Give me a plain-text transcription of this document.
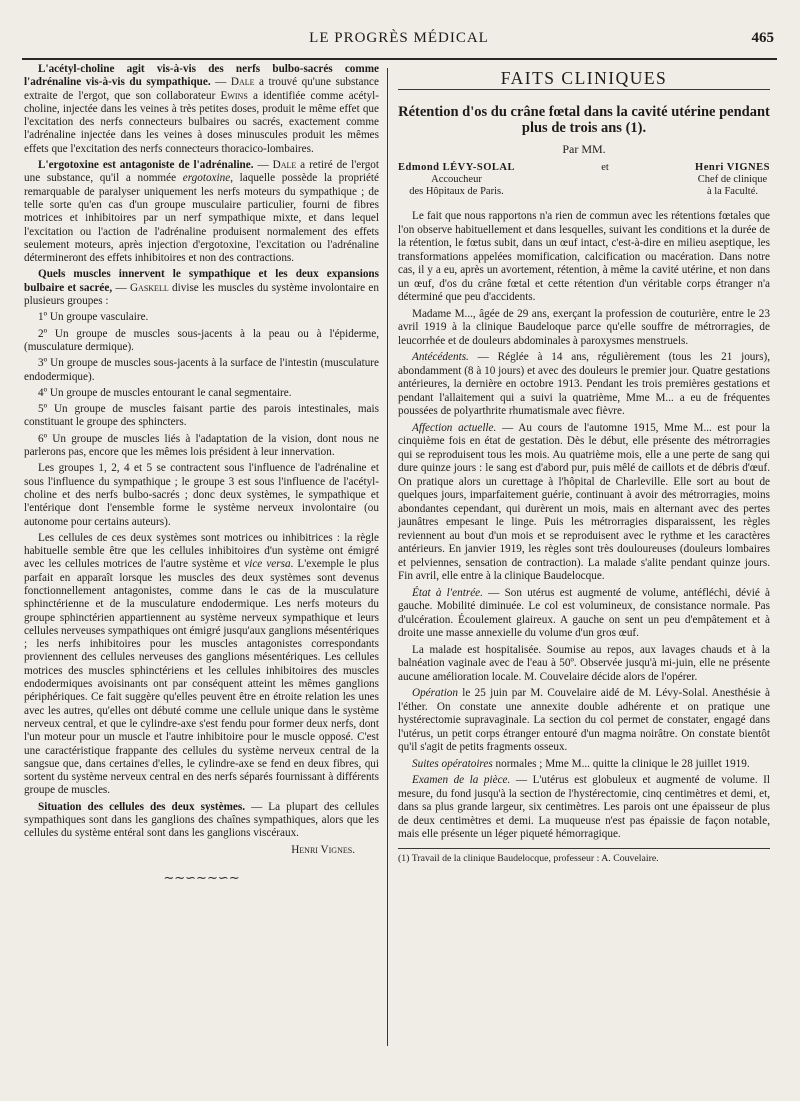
LE PROGRÈS MÉDICAL	465

L'acétyl-choline agit vis-à-vis des nerfs bulbo-sacrés comme l'adrénaline vis-à-vis du sympathique. — Dale a trouvé qu'une substance extraite de l'ergot, que son collaborateur Ewins a identifiée comme acétyl-choline, injectée dans les veines à très petites doses, produit le même effet que l'excitation des nerfs connecteurs bulbaires ou sacrés, exactement comme l'adrénaline injectée dans les veines à doses minuscules produit les mêmes effets que l'excitation des nerfs connecteurs thoracico-lombaires.

L'ergotoxine est antagoniste de l'adrénaline. — Dale a retiré de l'ergot une substance, qu'il a nommée ergotoxine, laquelle possède la propriété remarquable de paralyser uniquement les nerfs moteurs du sympathique ; de telle sorte qu'en cas d'un groupe musculaire particulier, fourni de fibres motrices et inhibitoires par un nerf sympathique mixte, et dans lequel l'excitation ou l'action de l'adrénaline produisent normalement des effets seulement moteurs, après injection d'ergotoxine, l'excitation ou l'adrénaline détermineront des effets inhibitoires et non des contractions.

Quels muscles innervent le sympathique et les deux expansions bulbaire et sacrée, — Gaskell divise les muscles du système involontaire en plusieurs groupes :

1º Un groupe vasculaire.

2º Un groupe de muscles sous-jacents à la peau ou à l'épiderme, (musculature dermique).

3º Un groupe de muscles sous-jacents à la surface de l'intestin (musculature endodermique).

4º Un groupe de muscles entourant le canal segmentaire.

5º Un groupe de muscles faisant partie des parois intestinales, mais constituant le groupe des sphincters.

6º Un groupe de muscles liés à l'adaptation de la vision, dont nous ne parlerons pas, encore que les mêmes lois président à leur innervation.

Les groupes 1, 2, 4 et 5 se contractent sous l'influence de l'adrénaline et sous l'influence du sympathique ; le groupe 3 est sous l'influence de l'acétyl-choline et des nerfs bulbo-sacrés ; donc deux systèmes, le sympathique et l'entérique dont l'ensemble forme le système nerveux involontaire (ou autonome pour certains auteurs).

Les cellules de ces deux systèmes sont motrices ou inhibitrices : la règle habituelle semble être que les cellules inhibitoires d'un système ont émigré avec les cellules motrices de l'autre système et vice versa. L'exemple le plus parfait en apparaît lorsque les muscles des deux systèmes sont devenus fonctionnellement antagonistes, comme dans le cas de la musculature sphinctérienne et de la musculature endodermique. Les nerfs moteurs du groupe sphinctérien appartiennent au système nerveux sympathique et leurs cellules nerveuses sympathiques ont émigré jusqu'aux ganglions mésentériques ; les nerfs inhibitoires pour les muscles antagonistes correspondants proviennent des cellules nerveuses des ganglions mésentériques. Les cellules motrices des muscles sphinctériens et les cellules inhibitoires des muscles endodermiques avoisinants ont par conséquent atteint les mêmes ganglions périphériques. Ce fait suggère qu'elles peuvent être en étroite relation les unes avec les autres, qu'elles ont débuté comme une cellule unique dans le système nerveux central, et que le cylindre-axe s'est fendu pour former deux nerfs, dont l'un moteur pour un muscle et l'autre inhibitoire pour le muscle opposé. C'est une caractéristique frappante des cellules du système nerveux central de la sangsue que, dans certaines d'elles, le cylindre-axe se fend en deux fibres, qui sortent du système nerveux central en des nerfs séparés fournissant à différents groupe de muscles.

Situation des cellules des deux systèmes. — La plupart des cellules sympathiques sont dans les ganglions des chaînes sympathiques, alors que les cellules du système entéral sont dans les ganglions viscéraux.

Henri Vignes.

∼∼∽∼∼∽∼
FAITS CLINIQUES
Rétention d'os du crâne fœtal dans la cavité utérine pendant plus de trois ans (1).
Par MM.
Edmond LÉVY-SOLAL
Accoucheur
des Hôpitaux de Paris.
et	Henri VIGNES
Chef de clinique
à la Faculté.

Le fait que nous rapportons n'a rien de commun avec les rétentions fœtales que l'on observe habituellement et dans lesquelles, suivant les conditions et la durée de la rétention, le fœtus subit, dans un œuf intact, c'est-à-dire en milieu aseptique, les transformations appelées momification, calcification ou macération. Dans notre cas, il y a eu, après un avortement, rétention, à même la cavité utérine, et non dans un œuf, d'os du crâne fœtal et cette rétention d'un véritable corps étranger n'a déterminé que peu d'accidents.

Madame M..., âgée de 29 ans, exerçant la profession de couturière, entre le 23 avril 1919 à la clinique Baudeloque parce qu'elle souffre de métrorragies, de leucorrhée et de douleurs abdominales à paroxysmes menstruels.

Antécédents. — Réglée à 14 ans, régulièrement (tous les 21 jours), abondamment (8 à 10 jours) et avec des douleurs le premier jour. Quatre gestations antérieures, la dernière en octobre 1913. Pendant les trois premières gestations et pendant l'allaitement qui a suivi la quatrième, Mme M... a eu de fréquentes poussées de polyarthrite rhumatismale avec fièvre.

Affection actuelle. — Au cours de l'automne 1915, Mme M... est pour la cinquième fois en état de gestation. Dès le début, elle présente des métrorragies qui se reproduisent tous les mois. Au quatrième mois, elle a une perte de sang qui dure quinze jours : le sang est d'abord pur, puis mêlé de caillots et de débris d'œuf. On pratique alors un curettage à l'hôpital de Charleville. Elle sort au bout de quelques jours, imparfaitement guérie, continuant à avoir des métrorragies, moins abondantes cependant, qui durèrent un mois, mais en alternant avec des pertes jaunâtres empesant le linge. Puis les métrorragies disparaissent, les règles reviennent au bout d'un mois et se reproduisent avec le rythme et les caractères antérieurs. En janvier 1919, les règles sont très douloureuses (douleurs lombaires et pelviennes, sensation de contraction). La malade s'alite pendant quinze jours. Fin avril, elle entre à la clinique Baudelocque.

État à l'entrée. — Son utérus est augmenté de volume, antéfléchi, dévié à gauche. Mobilité diminuée. Le col est volumineux, de consistance normale. Pas d'ulcération. Écoulement glaireux. A gauche on sent un peu d'empâtement et à droite une masse annexielle du volume d'un gros œuf.

La malade est hospitalisée. Soumise au repos, aux lavages chauds et à la balnéation vaginale avec de l'eau à 50º. Observée jusqu'à mi-juin, elle ne présente aucune amélioration locale. M. Couvelaire décide alors de l'opérer.

Opération le 25 juin par M. Couvelaire aidé de M. Lévy-Solal. Anesthésie à l'éther. On constate une annexite double adhérente et on pratique une hystérectomie supravaginale. La section du col permet de constater, engagé dans l'utérus, un petit corps étranger entouré d'un magma noirâtre. On constate bientôt qu'il s'agit de petits fragments osseux.

Suites opératoires normales ; Mme M... quitte la clinique le 28 juillet 1919.

Examen de la pièce. — L'utérus est globuleux et augmenté de volume. Il mesure, du fond jusqu'à la section de l'hystérectomie, cinq centimètres et demi, et, dans sa plus grande largeur, six centimètres. Les parois ont une épaisseur de plus de deux centimètres et demi. La muqueuse n'est pas épaissie de façon notable, mais elle présente un léger piqueté hémorragique.

(1) Travail de la clinique Baudelocque, professeur : A. Couvelaire.
